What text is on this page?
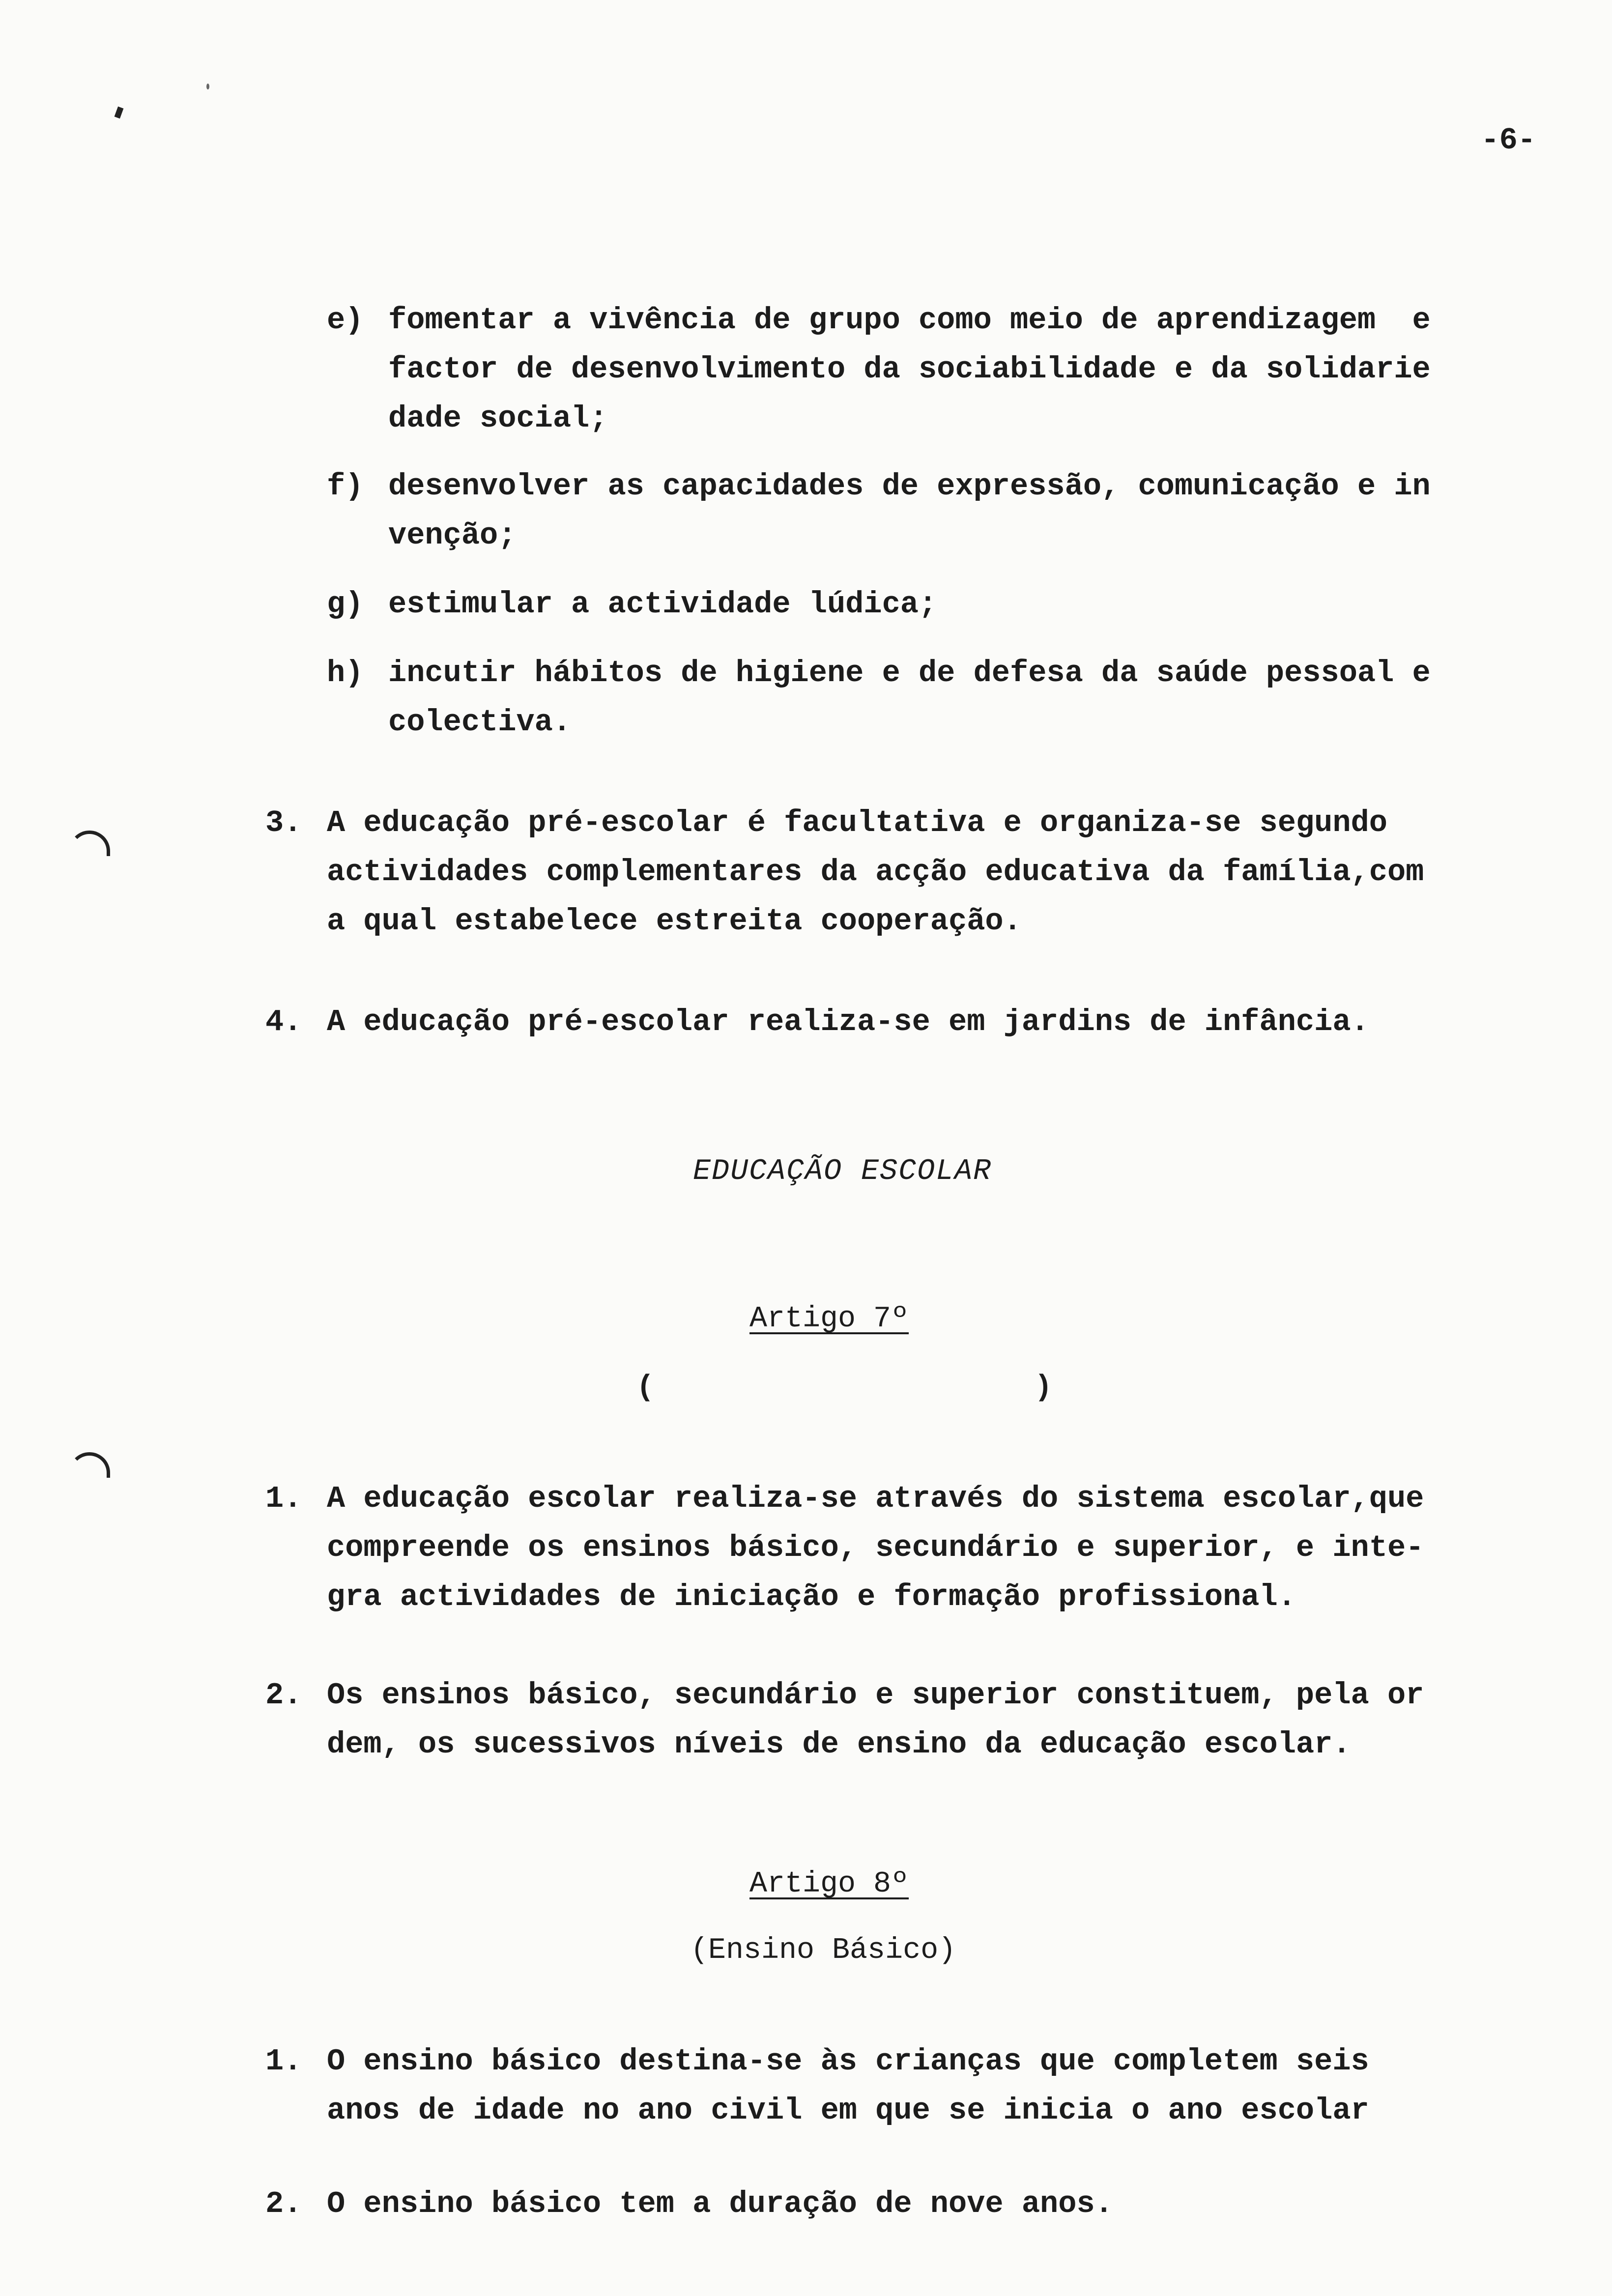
-6-
e) fomentar a vivência de grupo como meio de aprendizagem  e
factor de desenvolvimento da sociabilidade e da solidarie
dade social;
f) desenvolver as capacidades de expressão, comunicação e in
venção;
g) estimular a actividade lúdica;
h) incutir hábitos de higiene e de defesa da saúde pessoal e
colectiva.
3. A educação pré-escolar é facultativa e organiza-se segundo
actividades complementares da acção educativa da família,com
a qual estabelece estreita cooperação.
4. A educação pré-escolar realiza-se em jardins de infância.
EDUCAÇÃO ESCOLAR
Artigo 7º
(	)
1. A educação escolar realiza-se através do sistema escolar,que
compreende os ensinos básico, secundário e superior, e inte-
gra actividades de iniciação e formação profissional.
2. Os ensinos básico, secundário e superior constituem, pela or
dem, os sucessivos níveis de ensino da educação escolar.
Artigo 8º
(Ensino Básico)
1. O ensino básico destina-se às crianças que completem seis
anos de idade no ano civil em que se inicia o ano escolar
2. O ensino básico tem a duração de nove anos.
